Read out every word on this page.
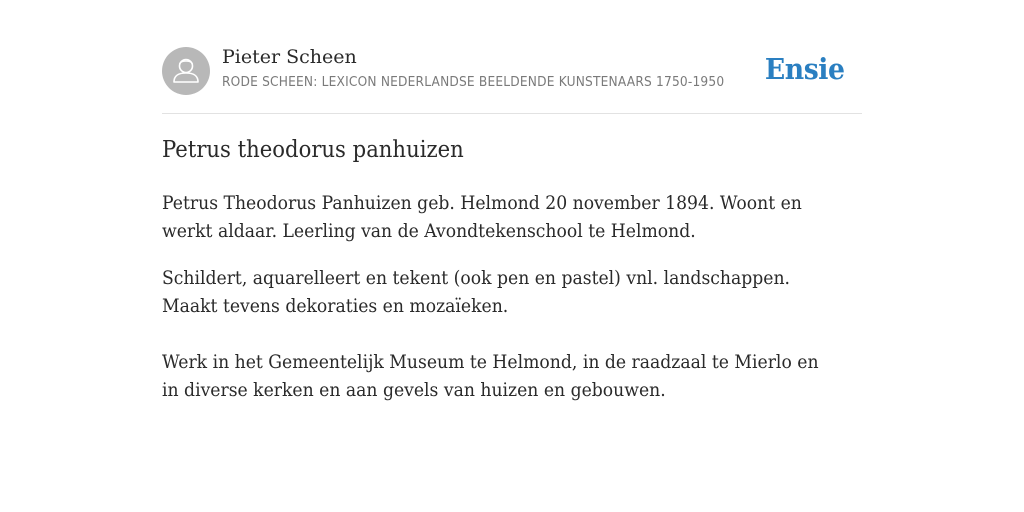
Pieter Scheen
RODE SCHEEN: LEXICON NEDERLANDSE BEELDENDE KUNSTENAARS 1750-1950 Ensie
Petrus theodorus panhuizen

Petrus Theodorus Panhuizen geb. Helmond 20 november 1894. Woont en werkt aldaar. Leerling van de Avondtekenschool te Helmond.

Schildert, aquarelleert en tekent (ook pen en pastel) vnl. landschappen. Maakt tevens dekoraties en mozaïeken.

Werk in het Gemeentelijk Museum te Helmond, in de raadzaal te Mierlo en in diverse kerken en aan gevels van huizen en gebouwen.
